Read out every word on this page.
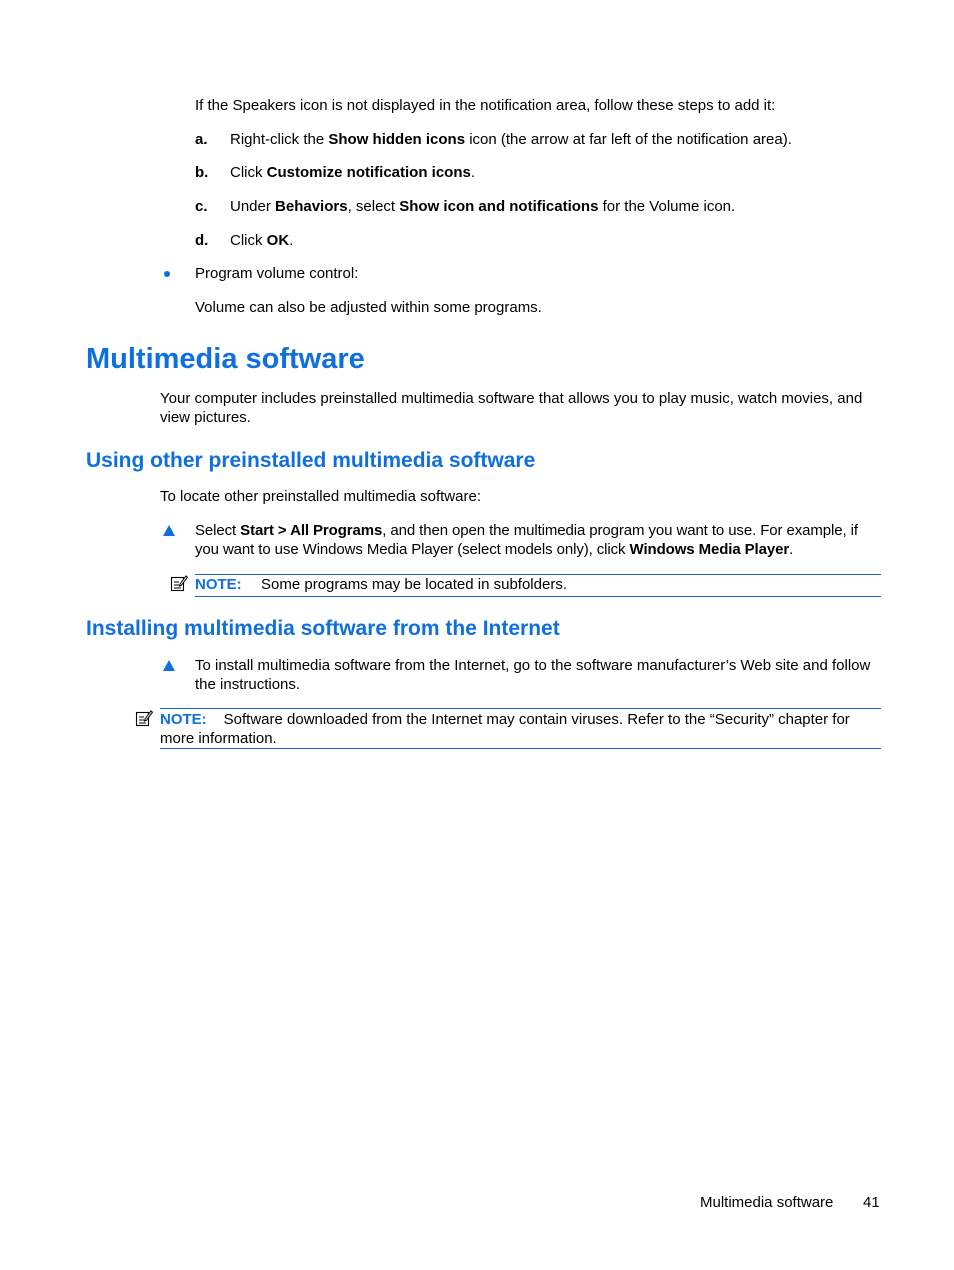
If the Speakers icon is not displayed in the notification area, follow these steps to add it:
a. Right-click the Show hidden icons icon (the arrow at far left of the notification area).
b. Click Customize notification icons.
c. Under Behaviors, select Show icon and notifications for the Volume icon.
d. Click OK.
Program volume control:
Volume can also be adjusted within some programs.
Multimedia software
Your computer includes preinstalled multimedia software that allows you to play music, watch movies, and view pictures.
Using other preinstalled multimedia software
To locate other preinstalled multimedia software:
Select Start > All Programs, and then open the multimedia program you want to use. For example, if you want to use Windows Media Player (select models only), click Windows Media Player.
NOTE: Some programs may be located in subfolders.
Installing multimedia software from the Internet
To install multimedia software from the Internet, go to the software manufacturer’s Web site and follow the instructions.
NOTE: Software downloaded from the Internet may contain viruses. Refer to the “Security” chapter for more information.
Multimedia software 41
